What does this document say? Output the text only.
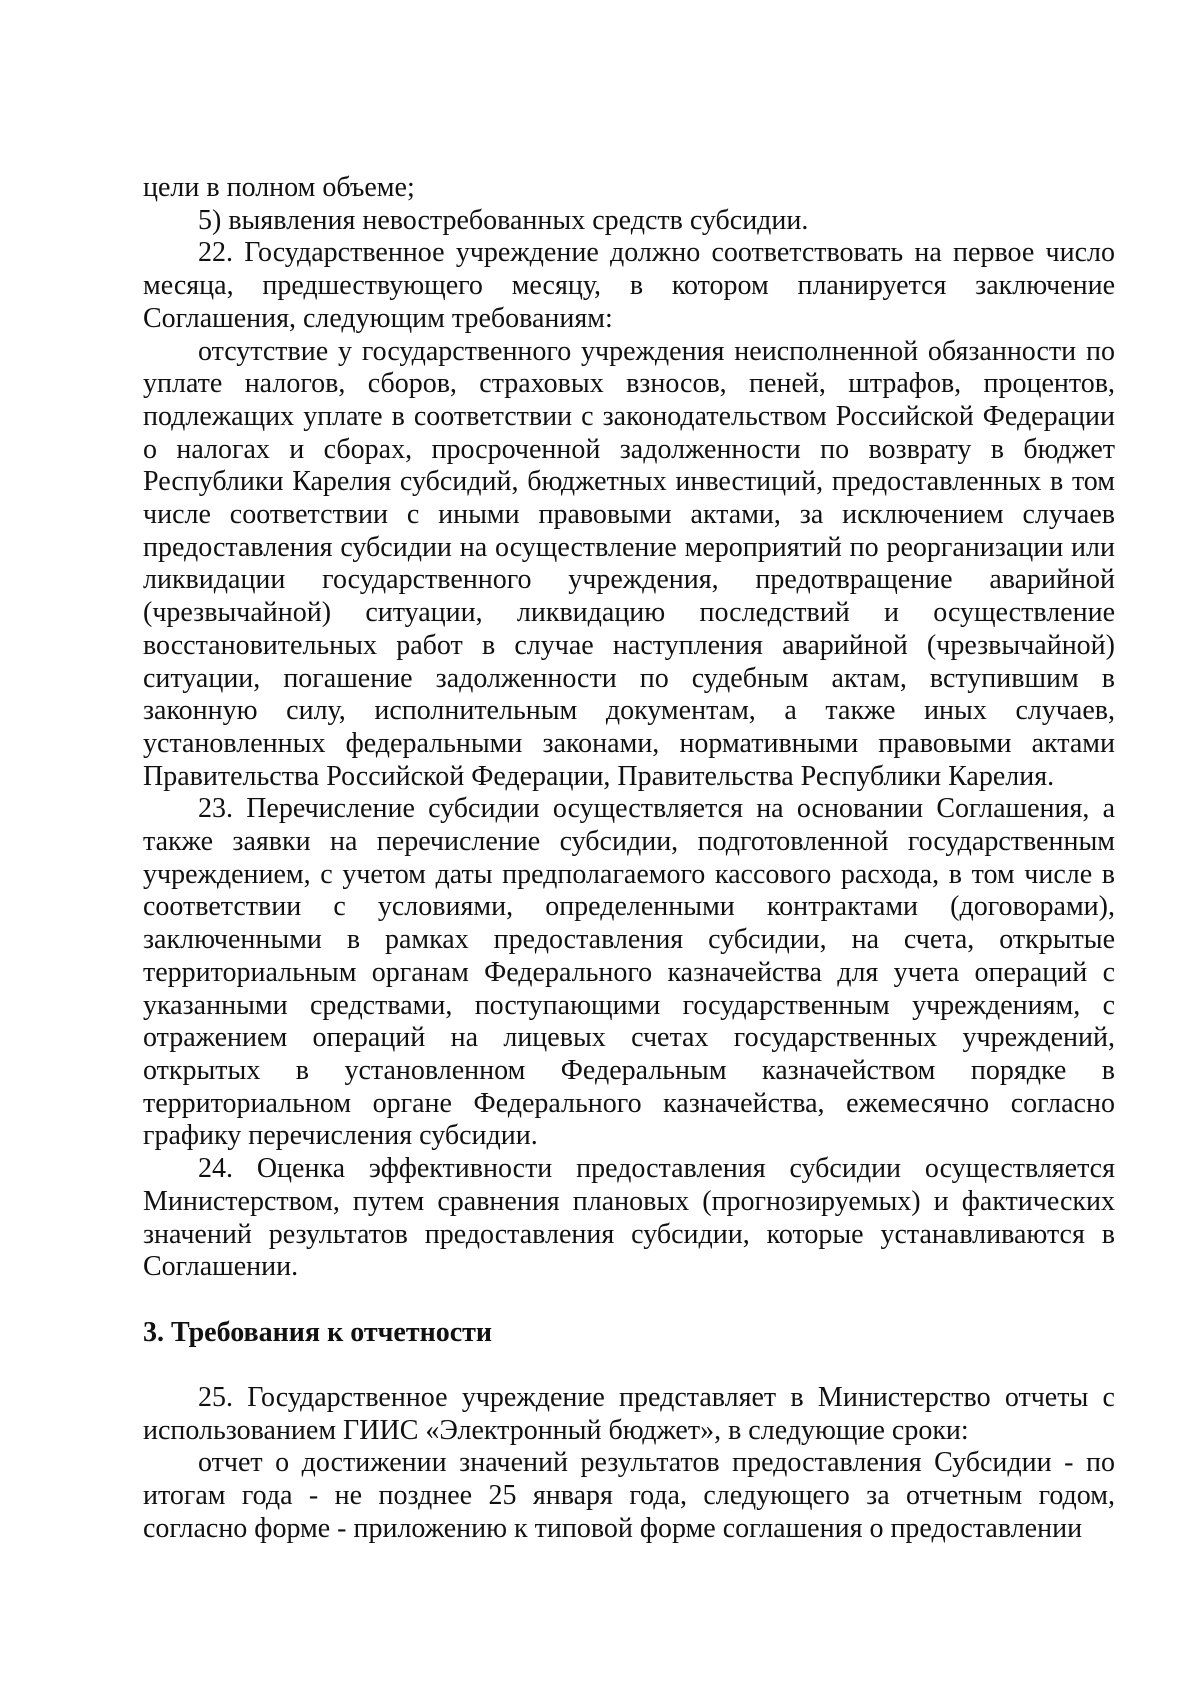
цели в полном объеме;

5) выявления невостребованных средств субсидии.

22. Государственное учреждение должно соответствовать на первое число месяца, предшествующего месяцу, в котором планируется заключение Соглашения, следующим требованиям:

отсутствие у государственного учреждения неисполненной обязанности по уплате налогов, сборов, страховых взносов, пеней, штрафов, процентов, подлежащих уплате в соответствии с законодательством Российской Федерации о налогах и сборах, просроченной задолженности по возврату в бюджет Республики Карелия субсидий, бюджетных инвестиций, предоставленных в том числе соответствии с иными правовыми актами, за исключением случаев предоставления субсидии на осуществление мероприятий по реорганизации или ликвидации государственного учреждения, предотвращение аварийной (чрезвычайной) ситуации, ликвидацию последствий и осуществление восстановительных работ в случае наступления аварийной (чрезвычайной) ситуации, погашение задолженности по судебным актам, вступившим в законную силу, исполнительным документам, а также иных случаев, установленных федеральными законами, нормативными правовыми актами Правительства Российской Федерации, Правительства Республики Карелия.

23. Перечисление субсидии осуществляется на основании Соглашения, а также заявки на перечисление субсидии, подготовленной государственным учреждением, с учетом даты предполагаемого кассового расхода, в том числе в соответствии с условиями, определенными контрактами (договорами), заключенными в рамках предоставления субсидии, на счета, открытые территориальным органам Федерального казначейства для учета операций с указанными средствами, поступающими государственным учреждениям, с отражением операций на лицевых счетах государственных учреждений, открытых в установленном Федеральным казначейством порядке в территориальном органе Федерального казначейства, ежемесячно согласно графику перечисления субсидии.

24. Оценка эффективности предоставления субсидии осуществляется Министерством, путем сравнения плановых (прогнозируемых) и фактических значений результатов предоставления субсидии, которые устанавливаются в Соглашении.

3. Требования к отчетности

25. Государственное учреждение представляет в Министерство отчеты с использованием ГИИС «Электронный бюджет», в следующие сроки:

отчет о достижении значений результатов предоставления Субсидии - по итогам года - не позднее 25 января года, следующего за отчетным годом, согласно форме - приложению к типовой форме соглашения о предоставлении
